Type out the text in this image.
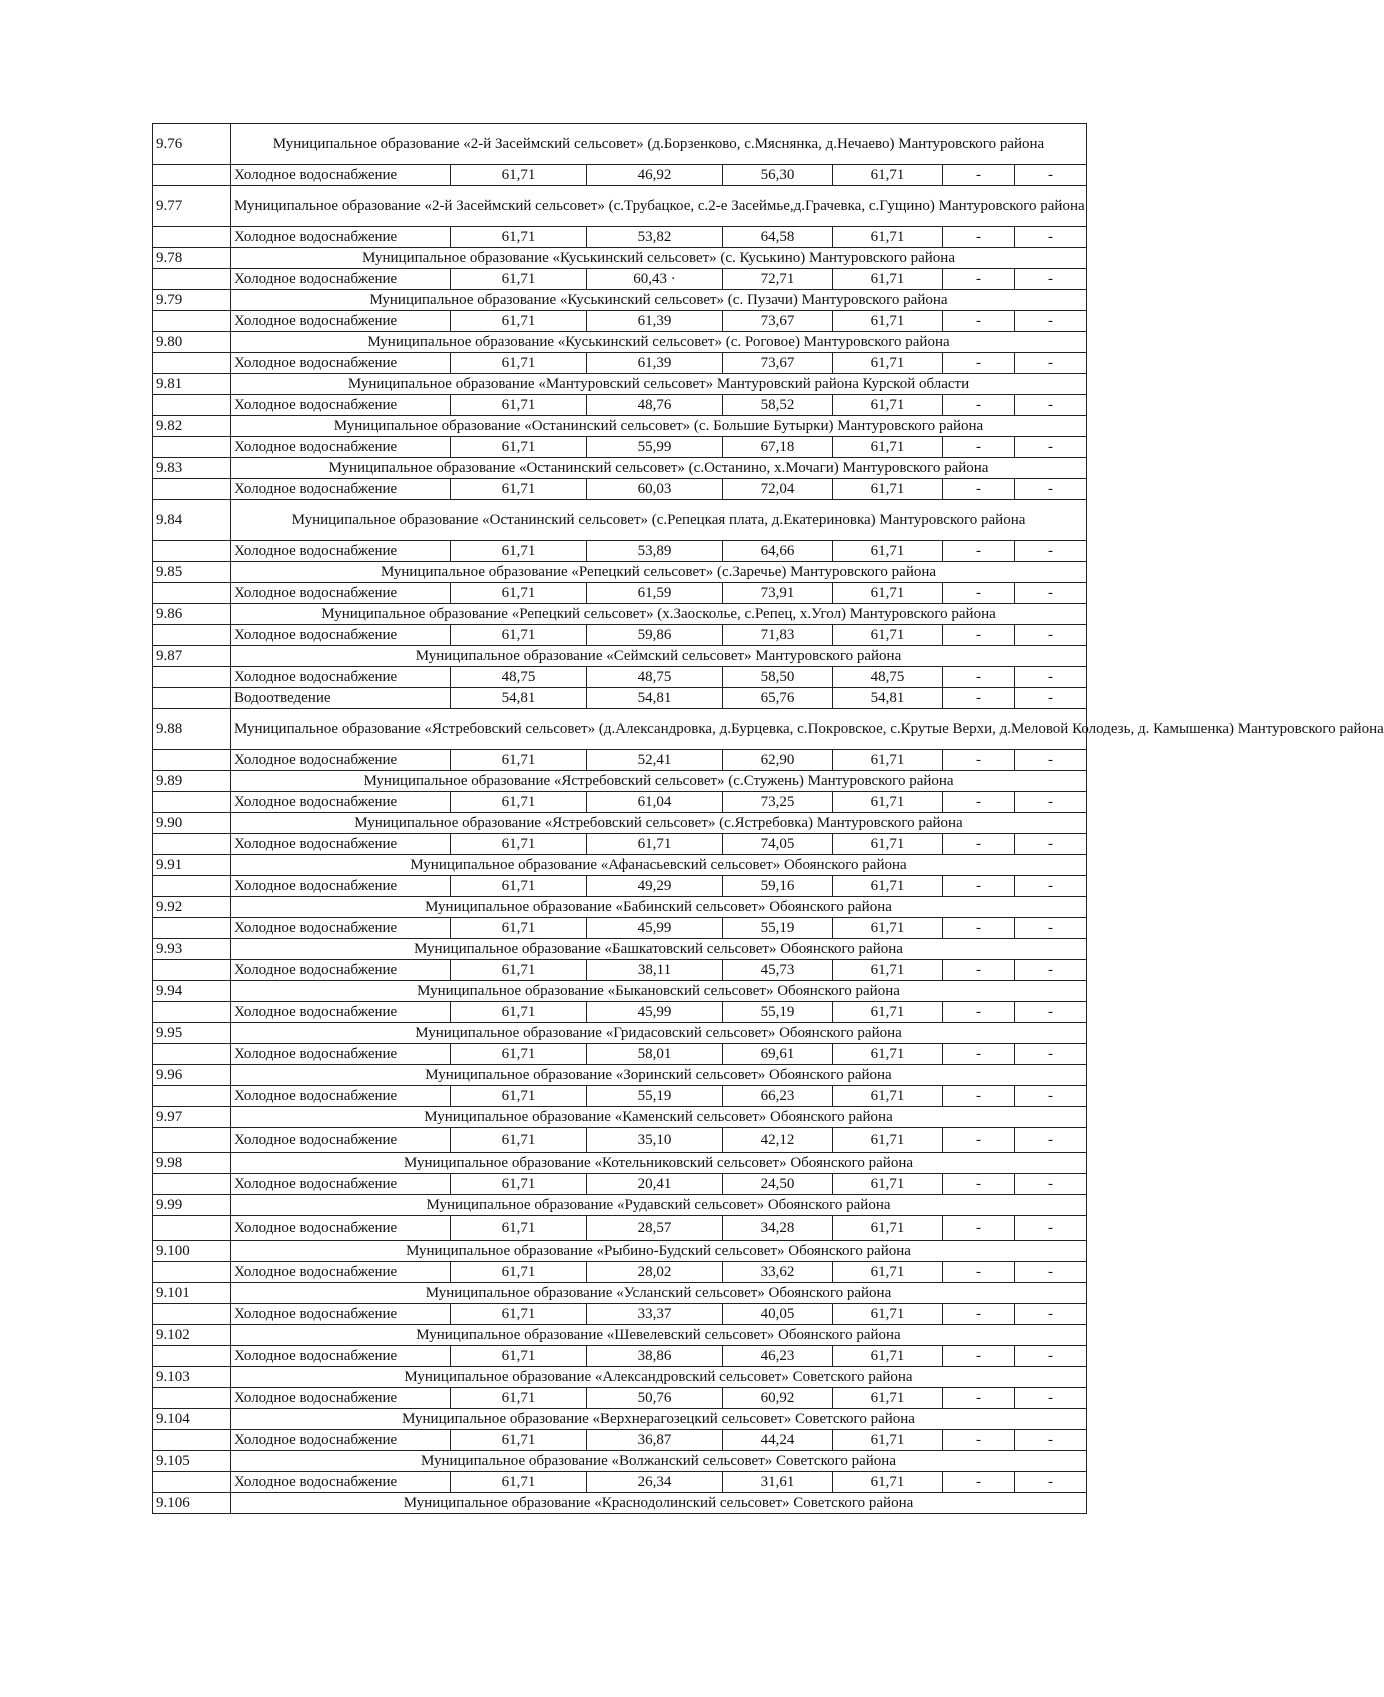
9.76	Муниципальное образование «2-й Засеймский сельсовет» (д.Борзенково, с.Мяснянка, д.Нечаево) Мантуровского района						
	Холодное водоснабжение	61,71	46,92	56,30	61,71	-	-
9.77	Муниципальное образование «2-й Засеймский сельсовет» (с.Трубацкое, с.2-е Засеймье,д.Грачевка, с.Гущино) Мантуровского района						
	Холодное водоснабжение	61,71	53,82	64,58	61,71	-	-
9.78	Муниципальное образование «Куськинский сельсовет» (с. Куськино) Мантуровского района						
	Холодное водоснабжение	61,71	60,43 ·	72,71	61,71	-	-
9.79	Муниципальное образование «Куськинский сельсовет» (с. Пузачи) Мантуровского района						
	Холодное водоснабжение	61,71	61,39	73,67	61,71	-	-
9.80	Муниципальное образование «Куськинский сельсовет» (с. Роговое) Мантуровского района						
	Холодное водоснабжение	61,71	61,39	73,67	61,71	-	-
9.81	Муниципальное образование «Мантуровский сельсовет» Мантуровский района Курской области						
	Холодное водоснабжение	61,71	48,76	58,52	61,71	-	-
9.82	Муниципальное образование «Останинский сельсовет» (с. Большие Бутырки) Мантуровского района						
	Холодное водоснабжение	61,71	55,99	67,18	61,71	-	-
9.83	Муниципальное образование «Останинский сельсовет» (с.Останино, х.Мочаги) Мантуровского района						
	Холодное водоснабжение	61,71	60,03	72,04	61,71	-	-
9.84	Муниципальное образование «Останинский сельсовет» (с.Репецкая плата, д.Екатериновка) Мантуровского района						
	Холодное водоснабжение	61,71	53,89	64,66	61,71	-	-
9.85	Муниципальное образование «Репецкий сельсовет» (с.Заречье) Мантуровского района						
	Холодное водоснабжение	61,71	61,59	73,91	61,71	-	-
9.86	Муниципальное образование «Репецкий сельсовет» (х.Заосколье, с.Репец, х.Угол) Мантуровского района						
	Холодное водоснабжение	61,71	59,86	71,83	61,71	-	-
9.87	Муниципальное образование «Сеймский сельсовет» Мантуровского района						
	Холодное водоснабжение	48,75	48,75	58,50	48,75	-	-
	Водоотведение	54,81	54,81	65,76	54,81	-	-
9.88	Муниципальное образование «Ястребовский сельсовет» (д.Александровка, д.Бурцевка, с.Покровское, с.Крутые Верхи, д.Меловой Колодезь, д. Камышенка) Мантуровского района						
	Холодное водоснабжение	61,71	52,41	62,90	61,71	-	-
9.89	Муниципальное образование «Ястребовский сельсовет» (с.Стужень) Мантуровского района						
	Холодное водоснабжение	61,71	61,04	73,25	61,71	-	-
9.90	Муниципальное образование «Ястребовский сельсовет» (с.Ястребовка) Мантуровского района						
	Холодное водоснабжение	61,71	61,71	74,05	61,71	-	-
9.91	Муниципальное образование «Афанасьевский сельсовет» Обоянского района						
	Холодное водоснабжение	61,71	49,29	59,16	61,71	-	-
9.92	Муниципальное образование «Бабинский сельсовет» Обоянского района						
	Холодное водоснабжение	61,71	45,99	55,19	61,71	-	-
9.93	Муниципальное образование «Башкатовский сельсовет» Обоянского района						
	Холодное водоснабжение	61,71	38,11	45,73	61,71	-	-
9.94	Муниципальное образование «Быкановский сельсовет» Обоянского района						
	Холодное водоснабжение	61,71	45,99	55,19	61,71	-	-
9.95	Муниципальное образование «Гридасовский сельсовет» Обоянского района						
	Холодное водоснабжение	61,71	58,01	69,61	61,71	-	-
9.96	Муниципальное образование «Зоринский сельсовет» Обоянского района						
	Холодное водоснабжение	61,71	55,19	66,23	61,71	-	-
9.97	Муниципальное образование «Каменский сельсовет» Обоянского района						
	Холодное водоснабжение	61,71	35,10	42,12	61,71	-	-
9.98	Муниципальное образование «Котельниковский сельсовет» Обоянского района						
	Холодное водоснабжение	61,71	20,41	24,50	61,71	-	-
9.99	Муниципальное образование «Рудавский сельсовет» Обоянского района						
	Холодное водоснабжение	61,71	28,57	34,28	61,71	-	-
9.100	Муниципальное образование «Рыбино-Будский сельсовет» Обоянского района						
	Холодное водоснабжение	61,71	28,02	33,62	61,71	-	-
9.101	Муниципальное образование «Усланский сельсовет» Обоянского района						
	Холодное водоснабжение	61,71	33,37	40,05	61,71	-	-
9.102	Муниципальное образование «Шевелевский сельсовет» Обоянского района						
	Холодное водоснабжение	61,71	38,86	46,23	61,71	-	-
9.103	Муниципальное образование «Александровский сельсовет» Советского района						
	Холодное водоснабжение	61,71	50,76	60,92	61,71	-	-
9.104	Муниципальное образование «Верхнерагозецкий сельсовет» Советского района						
	Холодное водоснабжение	61,71	36,87	44,24	61,71	-	-
9.105	Муниципальное образование «Волжанский сельсовет» Советского района						
	Холодное водоснабжение	61,71	26,34	31,61	61,71	-	-
9.106	Муниципальное образование «Краснодолинский сельсовет» Советского района						
